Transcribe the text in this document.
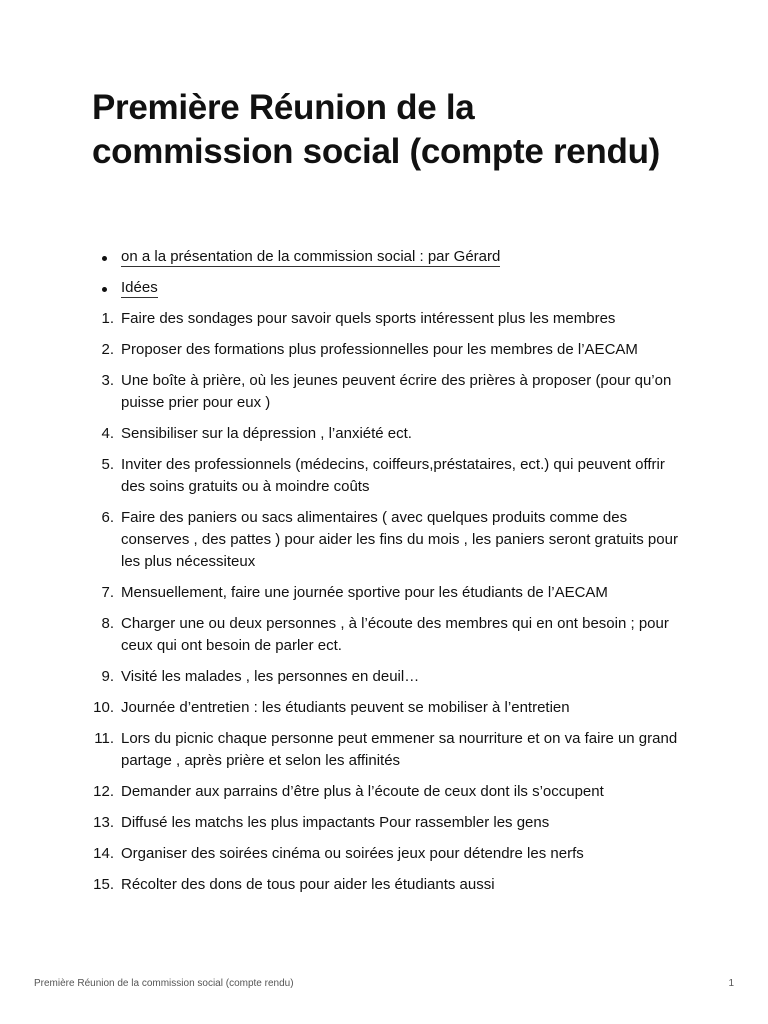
Première Réunion de la commission social (compte rendu)
on a la présentation de la commission social : par Gérard
Idées
1. Faire des sondages pour savoir quels sports intéressent plus les membres
2. Proposer des formations plus professionnelles pour les membres de l’AECAM
3. Une boîte à prière, où les jeunes peuvent écrire des prières à proposer (pour qu’on puisse prier pour eux )
4. Sensibiliser sur la dépression , l’anxiété ect.
5. Inviter des professionnels (médecins, coiffeurs,préstataires, ect.) qui peuvent offrir des soins gratuits ou à moindre coûts
6. Faire des paniers ou sacs alimentaires ( avec quelques produits comme des conserves , des pattes ) pour aider les fins du mois , les paniers seront gratuits pour les plus nécessiteux
7. Mensuellement, faire une journée sportive pour les étudiants de l’AECAM
8. Charger une ou deux personnes , à l’écoute des membres qui en ont besoin ; pour ceux qui ont besoin de parler ect.
9. Visité les malades , les personnes en deuil…
10. Journée d’entretien : les étudiants peuvent se mobiliser à l’entretien
11. Lors du picnic chaque personne peut emmener sa nourriture et on va faire un grand partage , après prière et selon les affinités
12. Demander aux parrains d’être plus à l’écoute de ceux dont ils s’occupent
13. Diffusé les matchs les plus impactants Pour rassembler les gens
14. Organiser des soirées cinéma ou soirées jeux pour détendre les nerfs
15. Récolter des dons de tous pour aider les étudiants aussi
Première Réunion de la commission social (compte rendu)	1
